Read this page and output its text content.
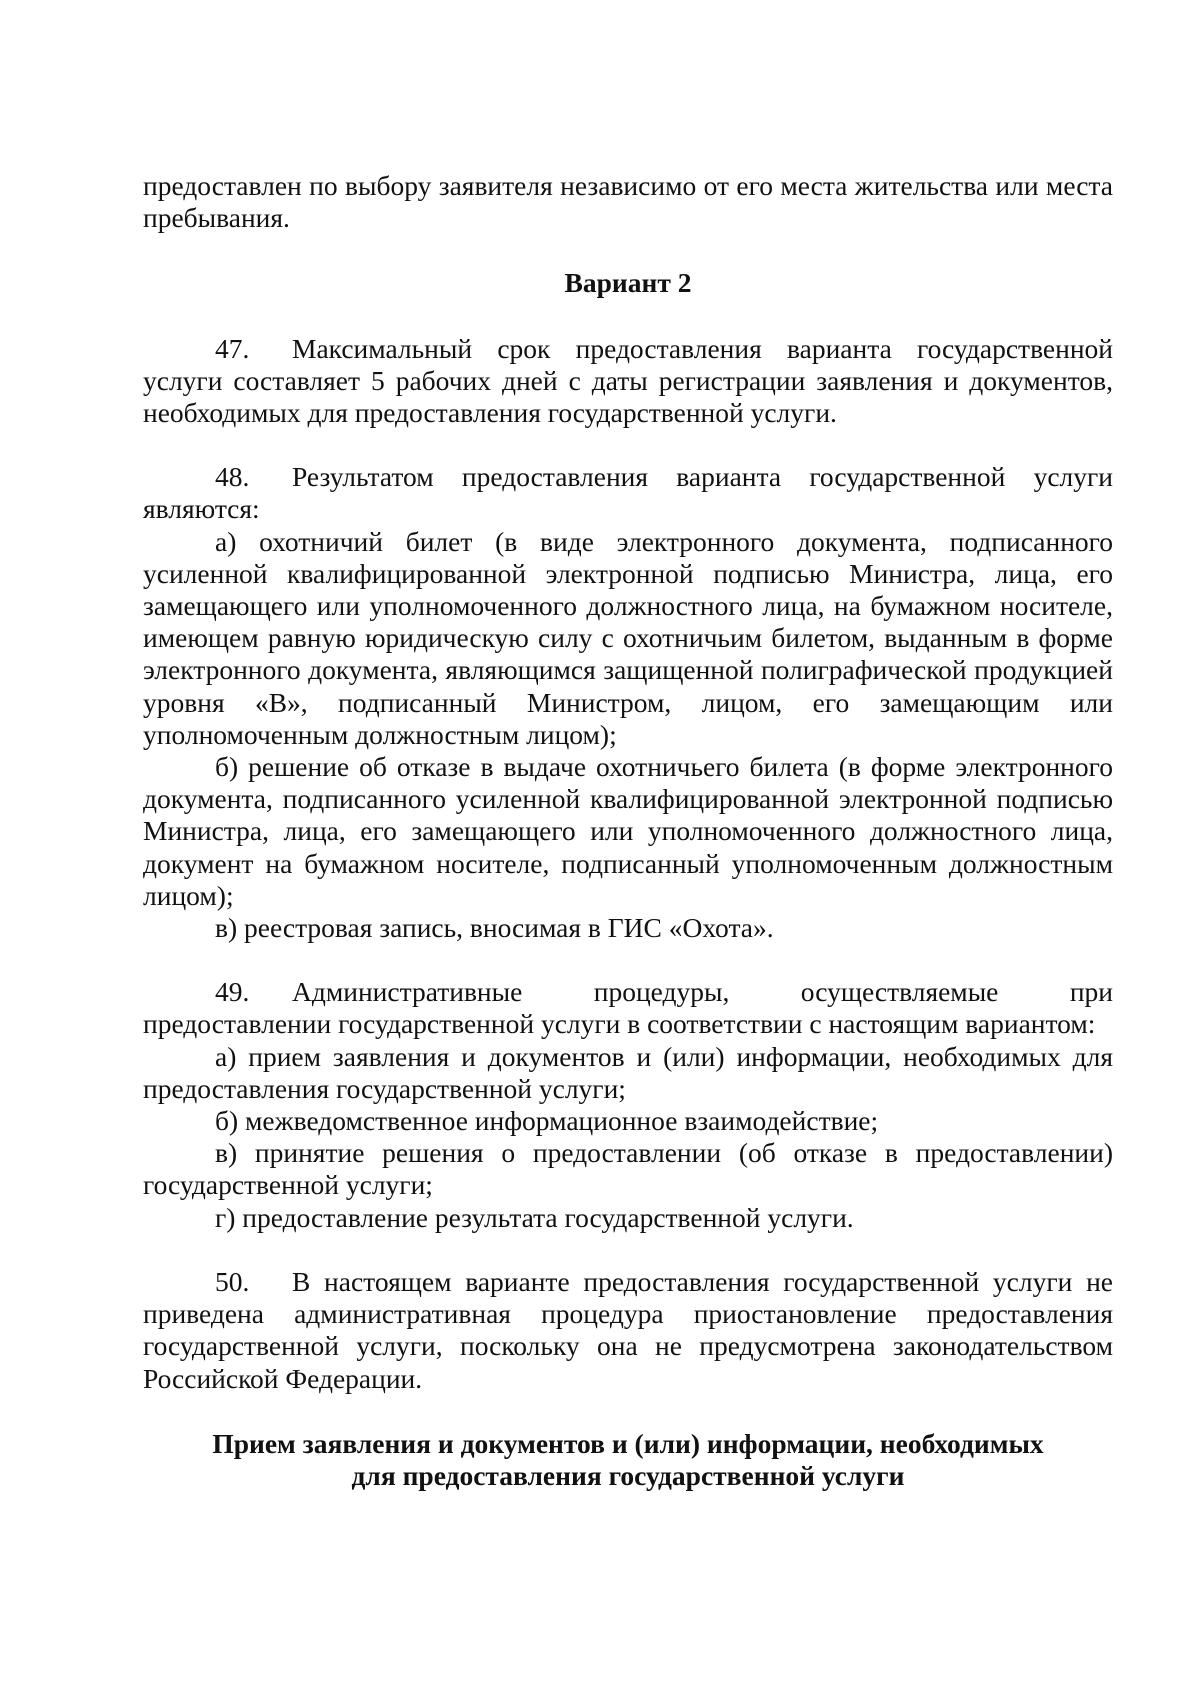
предоставлен по выбору заявителя независимо от его места жительства или места пребывания.

Вариант 2

47. Максимальный срок предоставления варианта государственной услуги составляет 5 рабочих дней с даты регистрации заявления и документов, необходимых для предоставления государственной услуги.

48. Результатом предоставления варианта государственной услуги являются:

а) охотничий билет (в виде электронного документа, подписанного усиленной квалифицированной электронной подписью Министра, лица, его замещающего или уполномоченного должностного лица, на бумажном носителе, имеющем равную юридическую силу с охотничьим билетом, выданным в форме электронного документа, являющимся защищенной полиграфической продукцией уровня «В», подписанный Министром, лицом, его замещающим или уполномоченным должностным лицом);

б) решение об отказе в выдаче охотничьего билета (в форме электронного документа, подписанного усиленной квалифицированной электронной подписью Министра, лица, его замещающего или уполномоченного должностного лица, документ на бумажном носителе, подписанный уполномоченным должностным лицом);

в) реестровая запись, вносимая в ГИС «Охота».

49. Административные процедуры, осуществляемые при предоставлении государственной услуги в соответствии с настоящим вариантом:

а) прием заявления и документов и (или) информации, необходимых для предоставления государственной услуги;

б) межведомственное информационное взаимодействие;

в) принятие решения о предоставлении (об отказе в предоставлении) государственной услуги;

г) предоставление результата государственной услуги.

50. В настоящем варианте предоставления государственной услуги не приведена административная процедура приостановление предоставления государственной услуги, поскольку она не предусмотрена законодательством Российской Федерации.

Прием заявления и документов и (или) информации, необходимых

для предоставления государственной услуги
